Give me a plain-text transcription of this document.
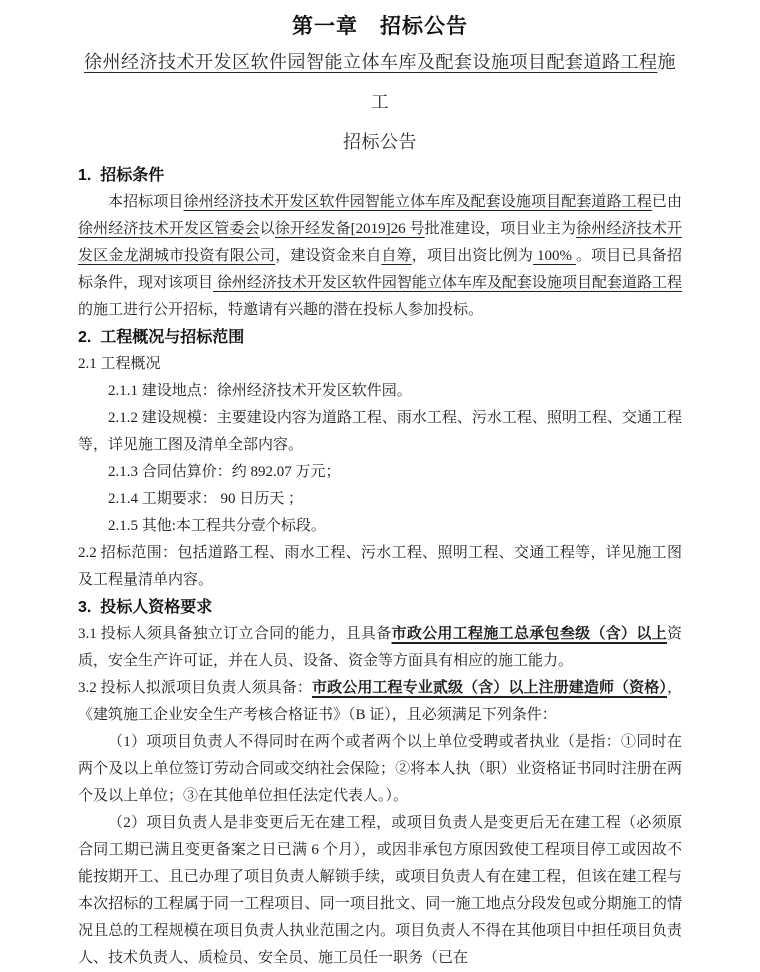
第一章　招标公告
徐州经济技术开发区软件园智能立体车库及配套设施项目配套道路工程施工
招标公告
1.  招标条件

本招标项目徐州经济技术开发区软件园智能立体车库及配套设施项目配套道路工程已由徐州经济技术开发区管委会以徐开经发备[2019]26 号批准建设，项目业主为徐州经济技术开发区金龙湖城市投资有限公司，建设资金来自自筹，项目出资比例为 100% 。项目已具备招标条件，现对该项目 徐州经济技术开发区软件园智能立体车库及配套设施项目配套道路工程 的施工进行公开招标，特邀请有兴趣的潜在投标人参加投标。

2.  工程概况与招标范围

2.1 工程概况

2.1.1 建设地点：徐州经济技术开发区软件园。

2.1.2 建设规模：主要建设内容为道路工程、雨水工程、污水工程、照明工程、交通工程等，详见施工图及清单全部内容。

2.1.3 合同估算价：约 892.07 万元；

2.1.4 工期要求： 90 日历天 ；

2.1.5 其他:本工程共分壹个标段。

2.2 招标范围：包括道路工程、雨水工程、污水工程、照明工程、交通工程等，详见施工图及工程量清单内容。

3.  投标人资格要求

3.1 投标人须具备独立订立合同的能力，且具备市政公用工程施工总承包叁级（含）以上资质，安全生产许可证，并在人员、设备、资金等方面具有相应的施工能力。

3.2 投标人拟派项目负责人须具备：市政公用工程专业贰级（含）以上注册建造师（资格），《建筑施工企业安全生产考核合格证书》（B 证），且必须满足下列条件：

（1）项项目负责人不得同时在两个或者两个以上单位受聘或者执业（是指：①同时在两个及以上单位签订劳动合同或交纳社会保险；②将本人执（职）业资格证书同时注册在两个及以上单位；③在其他单位担任法定代表人。）。

（2）项目负责人是非变更后无在建工程，或项目负责人是变更后无在建工程（必须原合同工期已满且变更备案之日已满 6 个月），或因非承包方原因致使工程项目停工或因故不能按期开工、且已办理了项目负责人解锁手续，或项目负责人有在建工程，但该在建工程与本次招标的工程属于同一工程项目、同一项目批文、同一施工地点分段发包或分期施工的情况且总的工程规模在项目负责人执业范围之内。项目负责人不得在其他项目中担任项目负责人、技术负责人、质检员、安全员、施工员任一职务（已在
